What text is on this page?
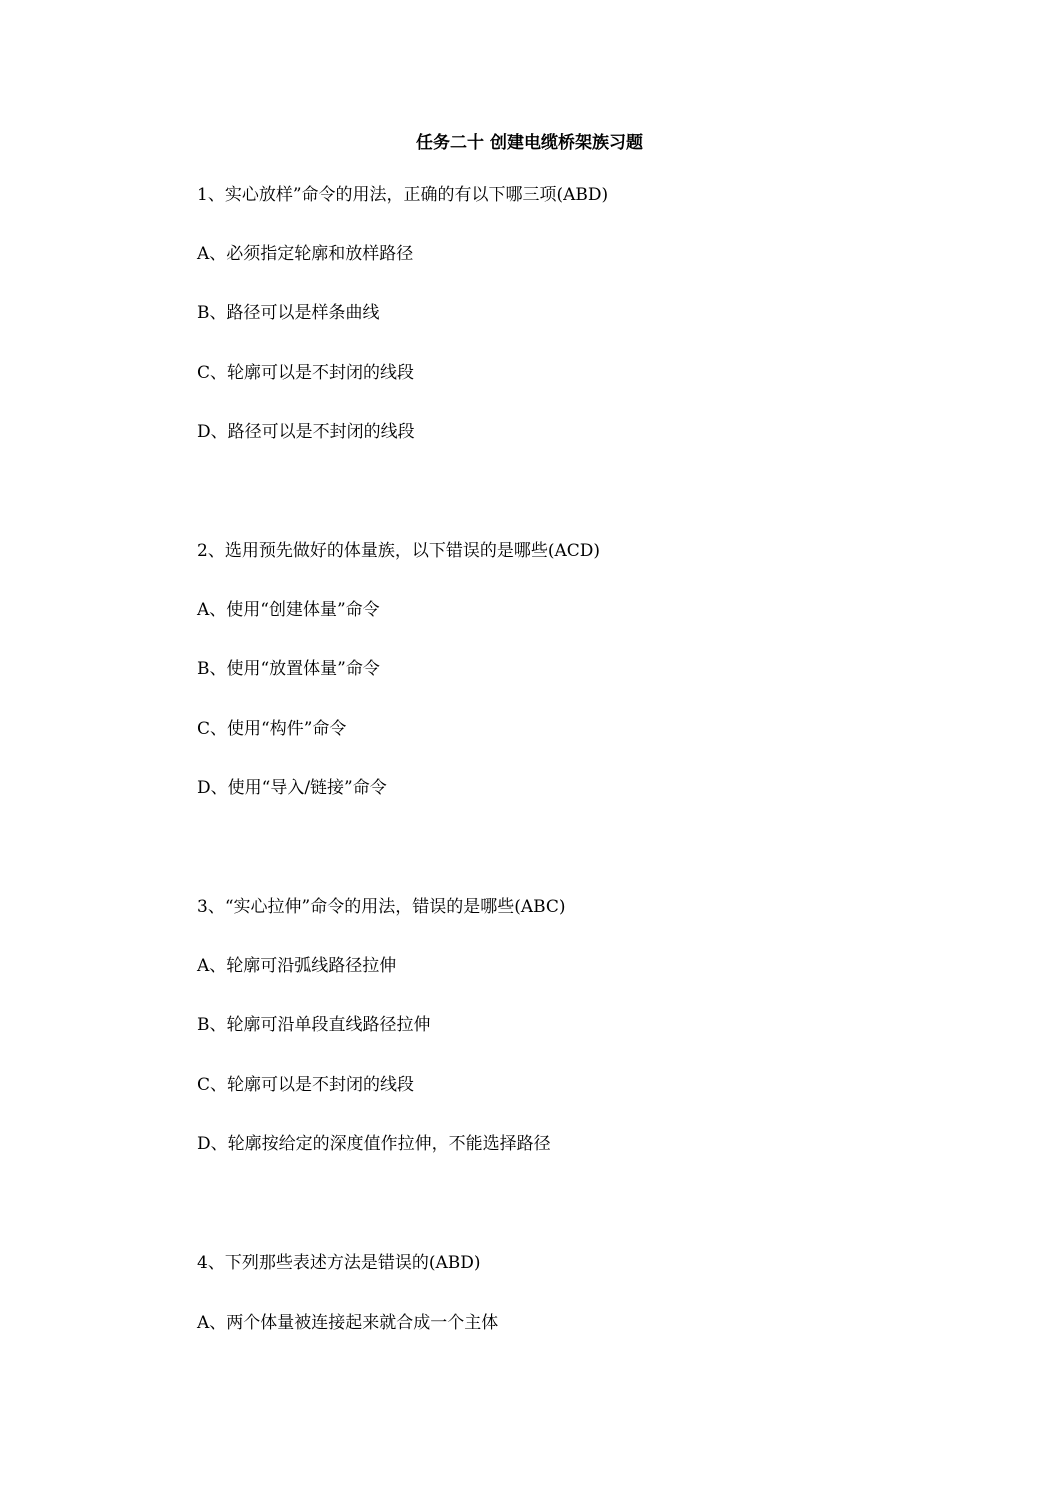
任务二十 创建电缆桥架族习题
1、实心放样”命令的用法，正确的有以下哪三项(ABD)
A、必须指定轮廓和放样路径
B、路径可以是样条曲线
C、轮廓可以是不封闭的线段
D、路径可以是不封闭的线段
2、选用预先做好的体量族，以下错误的是哪些(ACD)
A、使用“创建体量”命令
B、使用“放置体量”命令
C、使用“构件”命令
D、使用“导入/链接”命令
3、“实心拉伸”命令的用法，错误的是哪些(ABC)
A、轮廓可沿弧线路径拉伸
B、轮廓可沿单段直线路径拉伸
C、轮廓可以是不封闭的线段
D、轮廓按给定的深度值作拉伸，不能选择路径
4、下列那些表述方法是错误的(ABD)
A、两个体量被连接起来就合成一个主体
